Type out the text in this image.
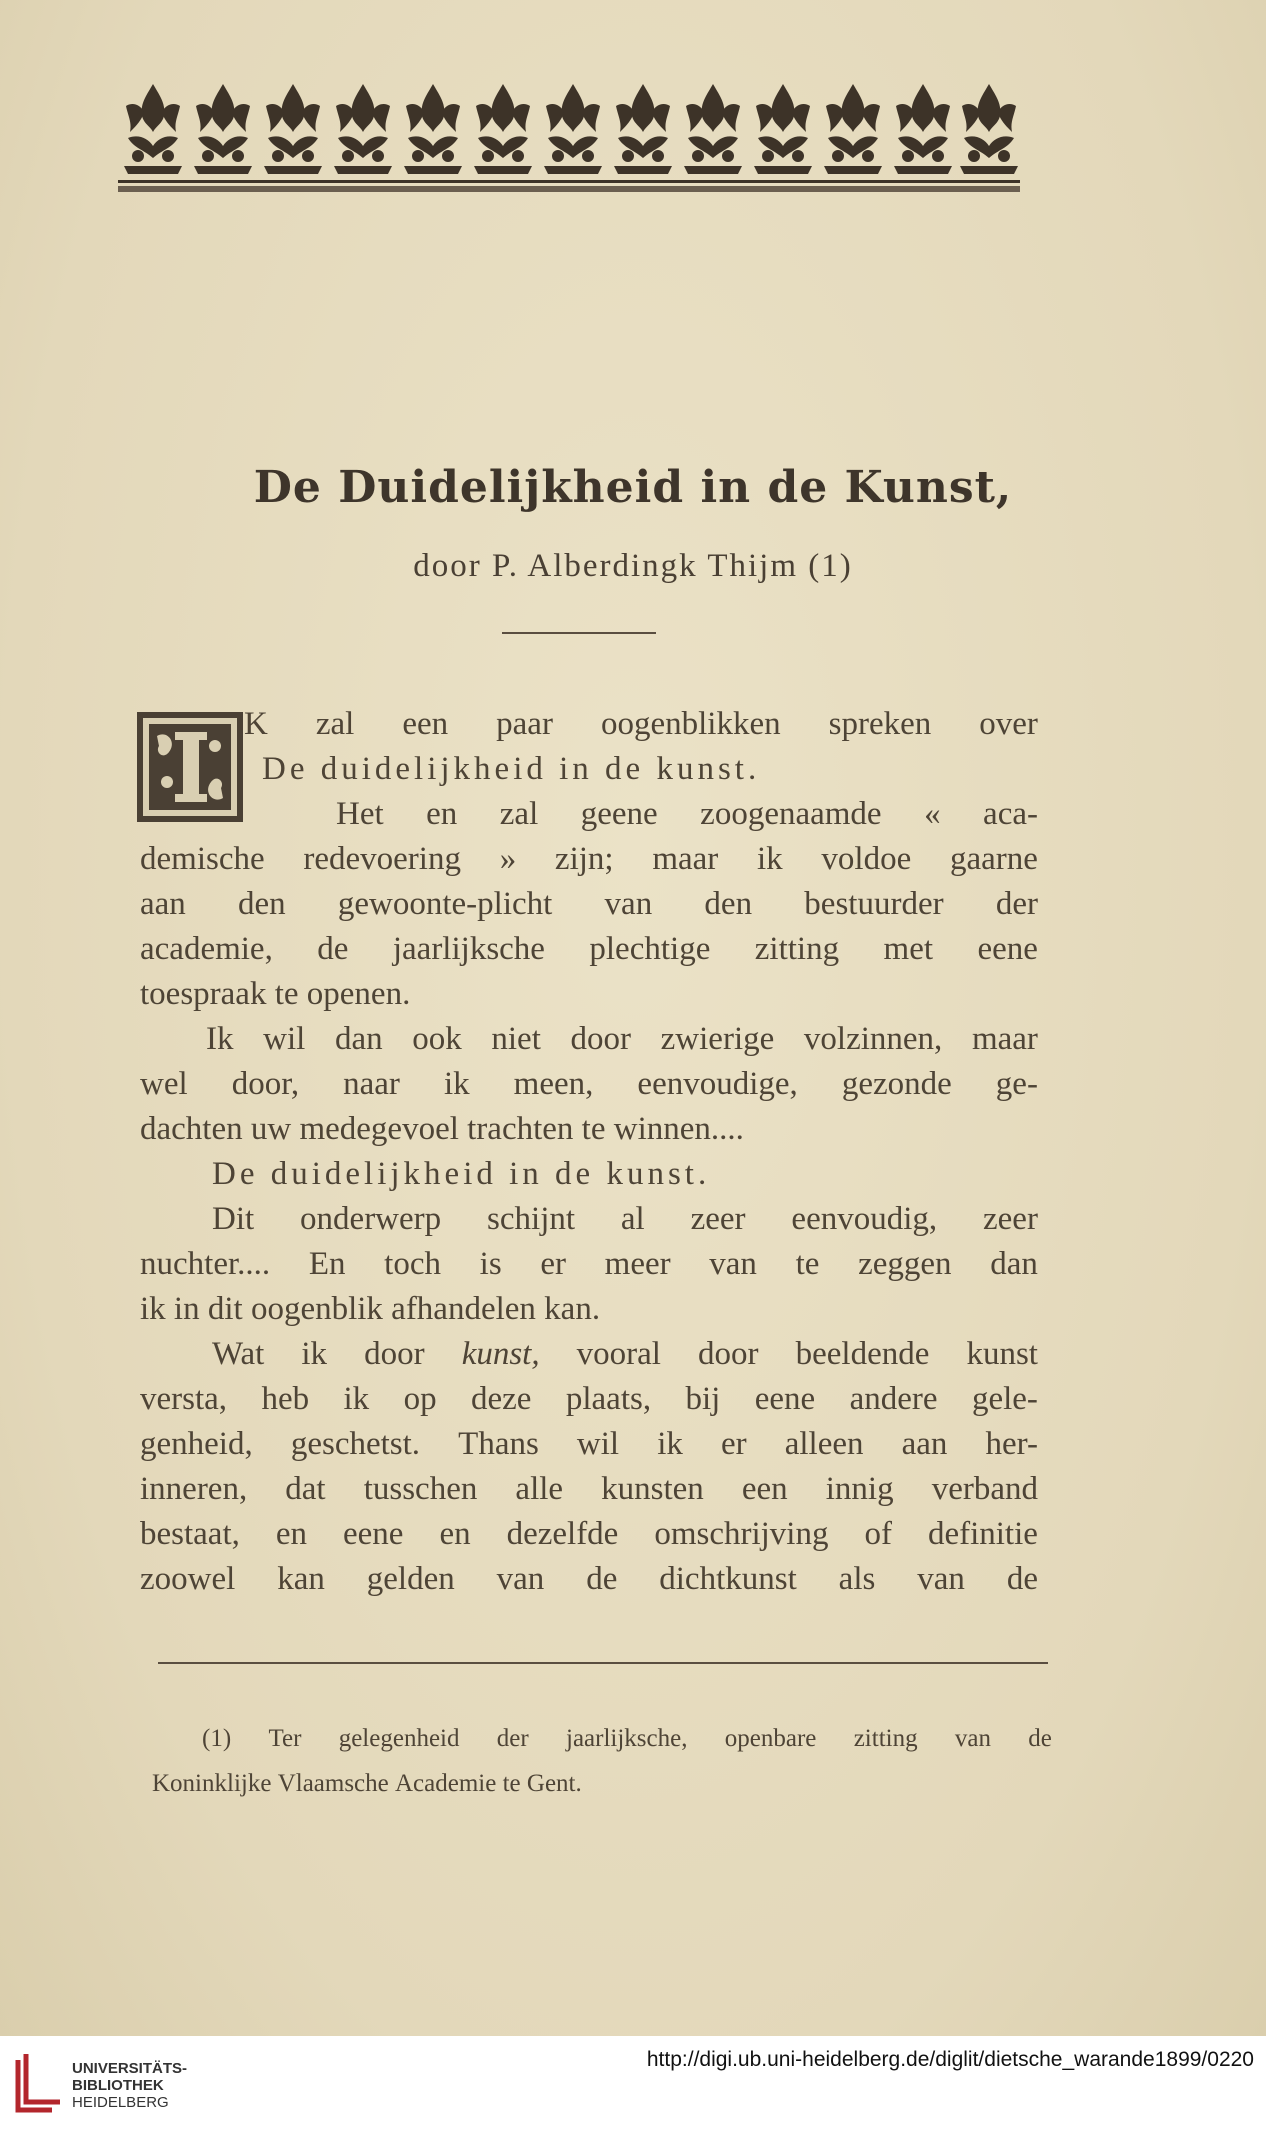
De Duidelijkheid in de Kunst,
door P. Alberdingk Thijm (1)
K zal een paar oogenblikken spreken over
De duidelijkheid in de kunst.
Het en zal geene zoogenaamde « aca-
demische redevoering » zijn; maar ik voldoe gaarne
aan den gewoonte-plicht van den bestuurder der
academie, de jaarlijksche plechtige zitting met eene
toespraak te openen.
Ik wil dan ook niet door zwierige volzinnen, maar
wel door, naar ik meen, eenvoudige, gezonde ge-
dachten uw medegevoel trachten te winnen....
De duidelijkheid in de kunst.
Dit onderwerp schijnt al zeer eenvoudig, zeer
nuchter.... En toch is er meer van te zeggen dan
ik in dit oogenblik afhandelen kan.
Wat ik door kunst, vooral door beeldende kunst
versta, heb ik op deze plaats, bij eene andere gele-
genheid, geschetst. Thans wil ik er alleen aan her-
inneren, dat tusschen alle kunsten een innig verband
bestaat, en eene en dezelfde omschrijving of definitie
zoowel kan gelden van de dichtkunst als van de
(1) Ter gelegenheid der jaarlijksche, openbare zitting van de
Koninklijke Vlaamsche Academie te Gent.
UNIVERSITÄTS-
BIBLIOTHEK
HEIDELBERG
http://digi.ub.uni-heidelberg.de/diglit/dietsche_warande1899/0220
